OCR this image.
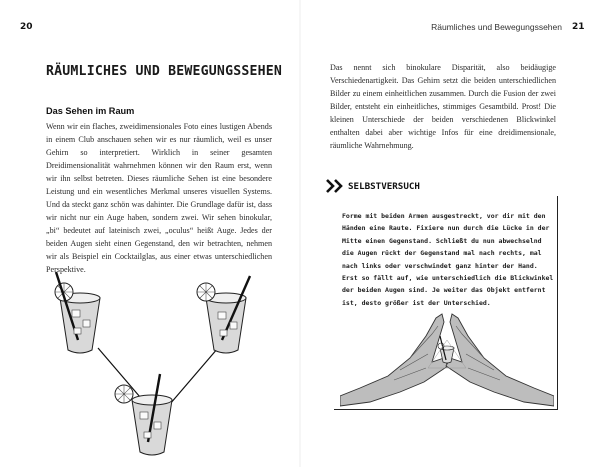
20
RÄUMLICHES UND BEWEGUNGSSEHEN
Das Sehen im Raum

Wenn wir ein flaches, zweidimensionales Foto eines lustigen Abends in einem Club anschauen sehen wir es nur räumlich, weil es unser Gehirn so interpretiert. Wirklich in seiner gesamten Dreidimensionalität wahrnehmen können wir den Raum erst, wenn wir ihn selbst betreten. Dieses räumliche Sehen ist eine besondere Leistung und ein wesentliches Merkmal unseres visuellen Systems. Und da steckt ganz schön was dahinter. Die Grundlage dafür ist, dass wir nicht nur ein Auge haben, sondern zwei. Wir sehen binokular, „bi“ bedeutet auf lateinisch zwei, „oculus“ heißt Auge. Jedes der beiden Augen sieht einen Gegenstand, den wir betrachten, nehmen wir als Beispiel ein Cocktailglas, aus einer etwas unterschiedlichen Perspektive.

Räumliches und Bewegungssehen 21

Das nennt sich binokulare Disparität, also beidäugige Verschiedenartigkeit. Das Gehirn setzt die beiden unterschiedlichen Bilder zu einem einheitlichen zusammen. Durch die Fusion der zwei Bilder, entsteht ein einheitliches, stimmiges Gesamtbild. Prost! Die kleinen Unterschiede der beiden verschiedenen Blickwinkel enthalten dabei aber wichtige Infos für eine dreidimensionale, räumliche Wahrnehmung.

SELBSTVERSUCH

Forme mit beiden Armen ausgestreckt, vor dir mit den Händen eine Raute. Fixiere nun durch die Lücke in der Mitte einen Gegenstand. Schließt du nun abwechselnd die Augen rückt der Gegenstand mal nach rechts, mal nach links oder verschwindet ganz hinter der Hand. Erst so fällt auf, wie unterschiedlich die Blickwinkel der beiden Augen sind. Je weiter das Objekt entfernt ist, desto größer ist der Unterschied.
